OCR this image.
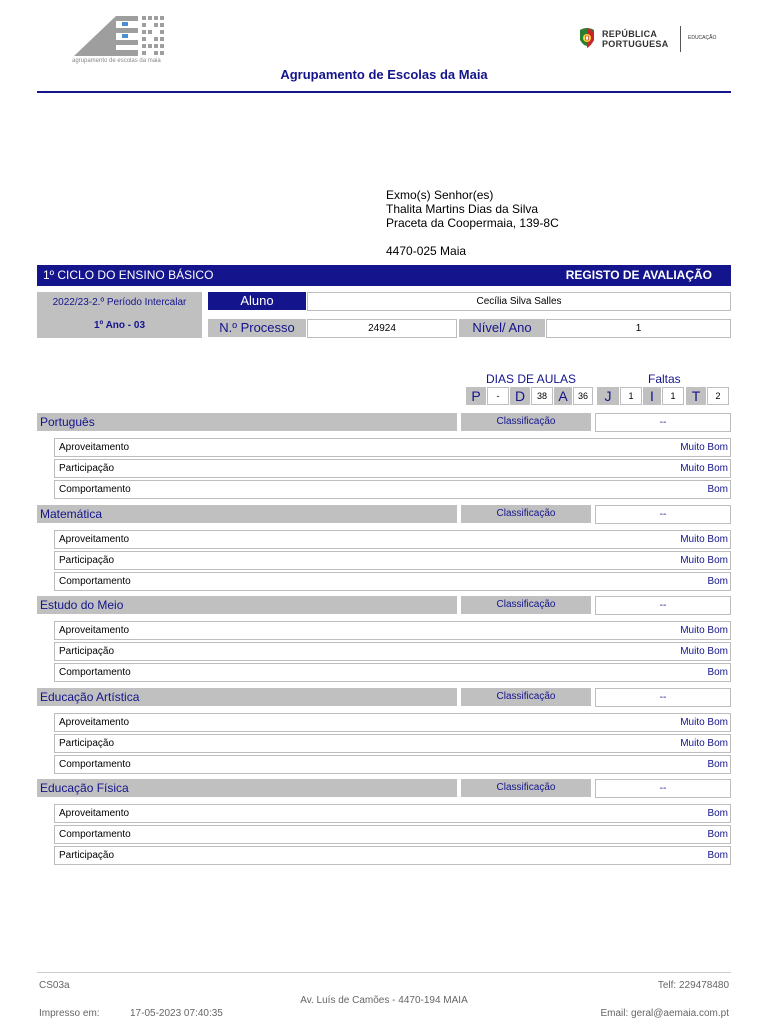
agrupamento de escolas da maia
REPÚBLICA
PORTUGUESA
EDUCAÇÃO
Agrupamento de Escolas da Maia
Exmo(s) Senhor(es)
Thalita Martins Dias da Silva
Praceta da Coopermaia, 139-8C
4470-025 Maia
1º CICLO DO ENSINO BÁSICO	REGISTO DE AVALIAÇÃO
2022/23-2.º Período Intercalar
1º Ano - 03
Aluno	Cecília Silva Salles
N.º Processo	24924	Nível/ Ano	1
DIAS DE AULAS	Faltas
P	-	D	38 A	36	J	1	I	1	T	2
Português	Classificação	--
Aproveitamento	Muito Bom
Participação	Muito Bom
Comportamento	Bom
Matemática	Classificação	--
Aproveitamento	Muito Bom
Participação	Muito Bom
Comportamento	Bom
Estudo do Meio	Classificação	--
Aproveitamento	Muito Bom
Participação	Muito Bom
Comportamento	Bom
Educação Artística	Classificação	--
Aproveitamento	Muito Bom
Participação	Muito Bom
Comportamento	Bom
Educação Física	Classificação	--
Aproveitamento	Bom
Comportamento	Bom
Participação	Bom
CS03a	Telf: 229478480
Av. Luís de Camões - 4470-194 MAIA
Impresso em:	17-05-2023 07:40:35	Email: geral@aemaia.com.pt
